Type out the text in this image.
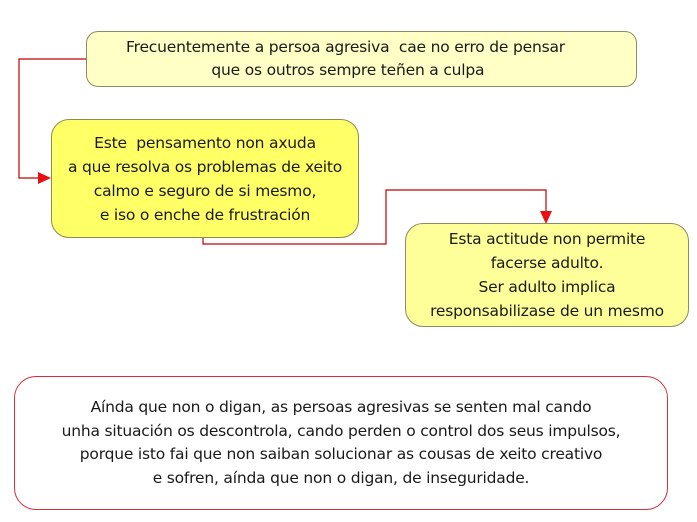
Frecuentemente a persoa agresiva  cae no erro de pensar
que os outros sempre teñen a culpa
Este  pensamento non axuda
a que resolva os problemas de xeito
calmo e seguro de si mesmo,
e iso o enche de frustración
Esta actitude non permite
facerse adulto.
Ser adulto implica
responsabilizase de un mesmo
Aínda que non o digan, as persoas agresivas se senten mal cando
unha situación os descontrola, cando perden o control dos seus impulsos,
porque isto fai que non saiban solucionar as cousas de xeito creativo
e sofren, aínda que non o digan, de inseguridade.
